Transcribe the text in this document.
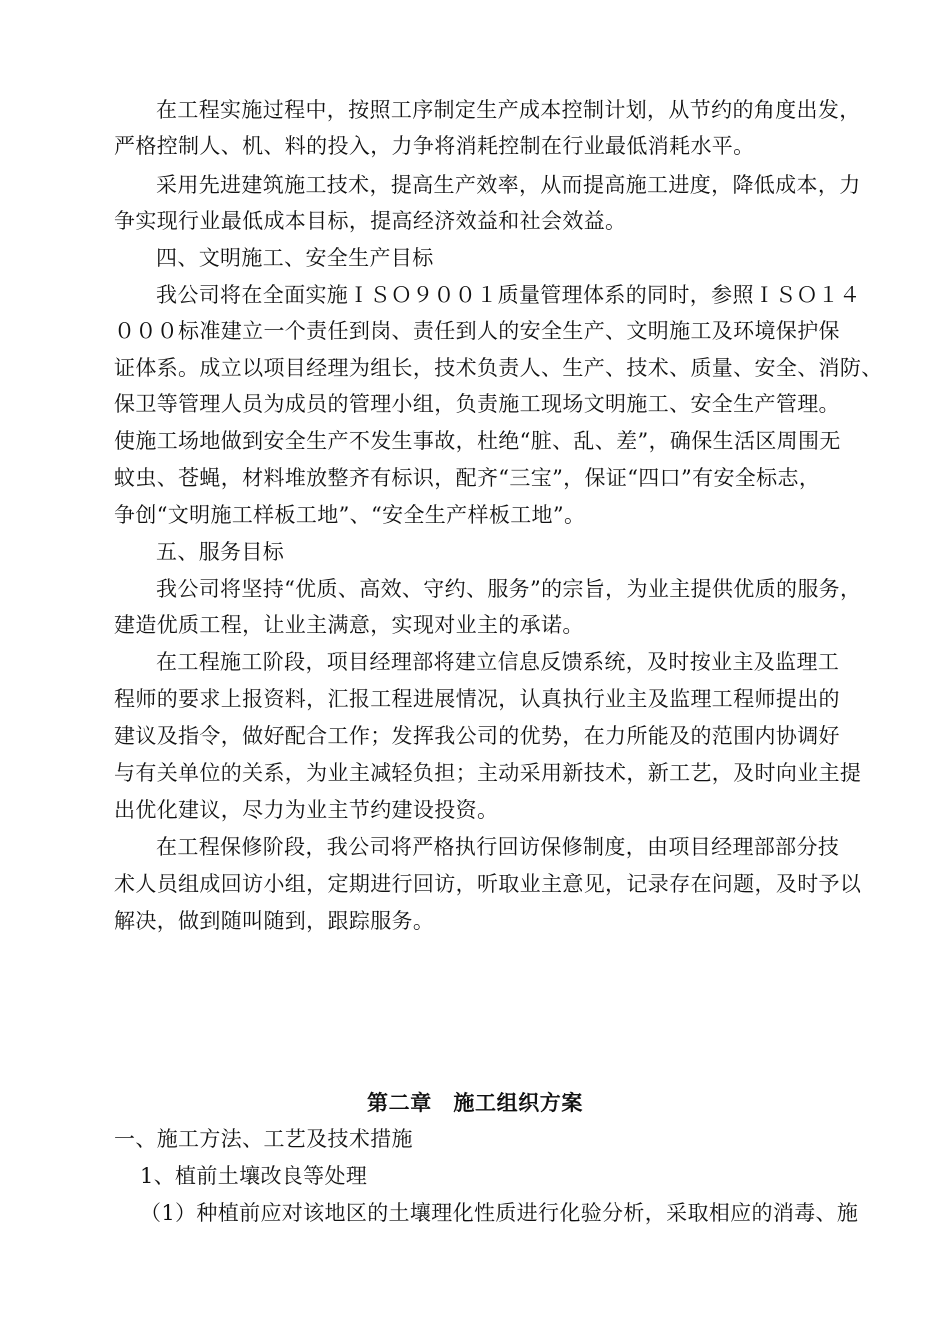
在工程实施过程中，按照工序制定生产成本控制计划，从节约的角度出发，
严格控制人、机、料的投入，力争将消耗控制在行业最低消耗水平。
采用先进建筑施工技术，提高生产效率，从而提高施工进度，降低成本，力
争实现行业最低成本目标，提高经济效益和社会效益。
四、文明施工、安全生产目标
我公司将在全面实施ＩＳＯ９００１质量管理体系的同时，参照ＩＳＯ１４
０００标准建立一个责任到岗、责任到人的安全生产、文明施工及环境保护保
证体系。成立以项目经理为组长，技术负责人、生产、技术、质量、安全、消防、
保卫等管理人员为成员的管理小组，负责施工现场文明施工、安全生产管理。
使施工场地做到安全生产不发生事故，杜绝“脏、乱、差”，确保生活区周围无
蚊虫、苍蝇，材料堆放整齐有标识，配齐“三宝”，保证“四口”有安全标志，
争创“文明施工样板工地”、“安全生产样板工地”。
五、服务目标
我公司将坚持“优质、高效、守约、服务”的宗旨，为业主提供优质的服务，
建造优质工程，让业主满意，实现对业主的承诺。
在工程施工阶段，项目经理部将建立信息反馈系统，及时按业主及监理工
程师的要求上报资料，汇报工程进展情况，认真执行业主及监理工程师提出的
建议及指令，做好配合工作；发挥我公司的优势，在力所能及的范围内协调好
与有关单位的关系，为业主减轻负担；主动采用新技术，新工艺，及时向业主提
出优化建议，尽力为业主节约建设投资。
在工程保修阶段，我公司将严格执行回访保修制度，由项目经理部部分技
术人员组成回访小组，定期进行回访，听取业主意见，记录存在问题，及时予以
解决，做到随叫随到，跟踪服务。
第二章　施工组织方案
一、施工方法、工艺及技术措施
1、植前土壤改良等处理
（1）种植前应对该地区的土壤理化性质进行化验分析，采取相应的消毒、施
